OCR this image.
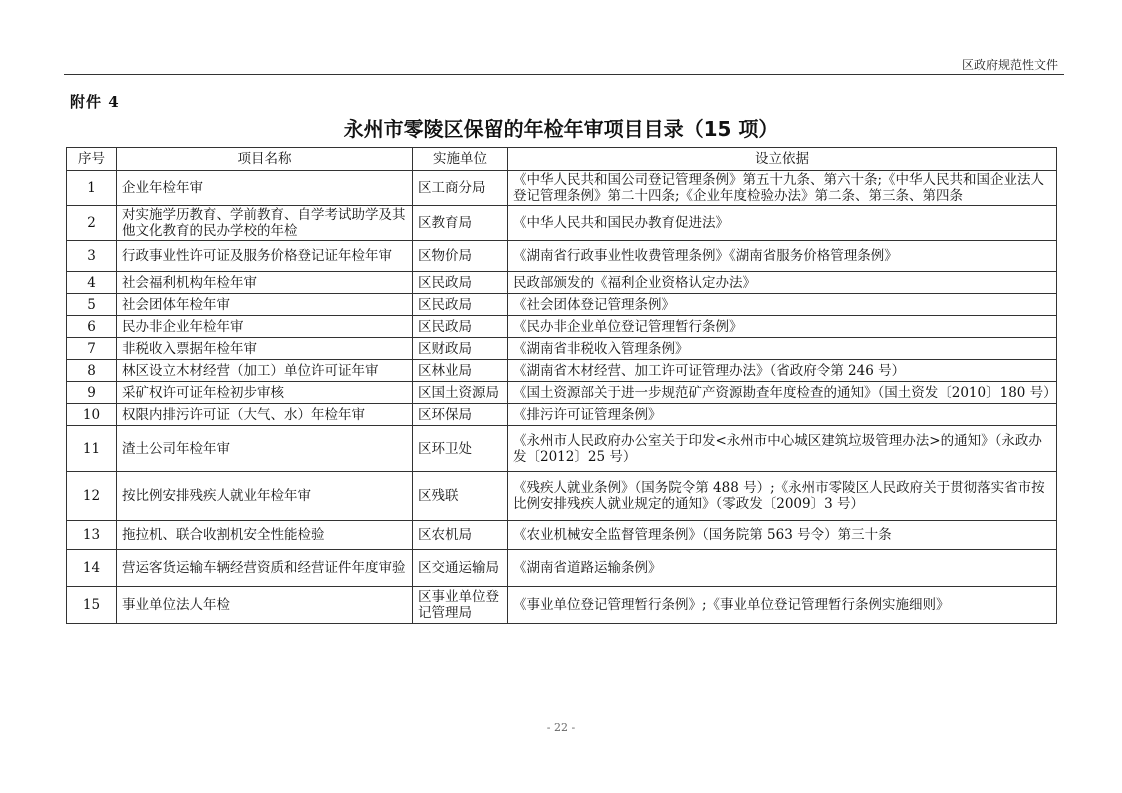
区政府规范性文件
附件 4
永州市零陵区保留的年检年审项目目录（15 项）
序号	项目名称	实施单位	设立依据
1	企业年检年审	区工商分局	《中华人民共和国公司登记管理条例》第五十九条、第六十条;《中华人民共和国企业法人登记管理条例》第二十四条;《企业年度检验办法》第二条、第三条、第四条
2	对实施学历教育、学前教育、自学考试助学及其他文化教育的民办学校的年检	区教育局	《中华人民共和国民办教育促进法》
3	行政事业性许可证及服务价格登记证年检年审	区物价局	《湖南省行政事业性收费管理条例》《湖南省服务价格管理条例》
4	社会福利机构年检年审	区民政局	民政部颁发的《福利企业资格认定办法》
5	社会团体年检年审	区民政局	《社会团体登记管理条例》
6	民办非企业年检年审	区民政局	《民办非企业单位登记管理暂行条例》
7	非税收入票据年检年审	区财政局	《湖南省非税收入管理条例》
8	林区设立木材经营（加工）单位许可证年审	区林业局	《湖南省木材经营、加工许可证管理办法》（省政府令第 246 号）
9	采矿权许可证年检初步审核	区国土资源局	《国土资源部关于进一步规范矿产资源勘查年度检查的通知》（国土资发〔2010〕180 号）
10	权限内排污许可证（大气、水）年检年审	区环保局	《排污许可证管理条例》
11	渣土公司年检年审	区环卫处	《永州市人民政府办公室关于印发<永州市中心城区建筑垃圾管理办法>的通知》（永政办发〔2012〕25 号）
12	按比例安排残疾人就业年检年审	区残联	《残疾人就业条例》（国务院令第 488 号）;《永州市零陵区人民政府关于贯彻落实省市按比例安排残疾人就业规定的通知》（零政发〔2009〕3 号）
13	拖拉机、联合收割机安全性能检验	区农机局	《农业机械安全监督管理条例》（国务院第 563 号令）第三十条
14	营运客货运输车辆经营资质和经营证件年度审验	区交通运输局	《湖南省道路运输条例》
15	事业单位法人年检	区事业单位登记管理局	《事业单位登记管理暂行条例》;《事业单位登记管理暂行条例实施细则》
- 22 -
